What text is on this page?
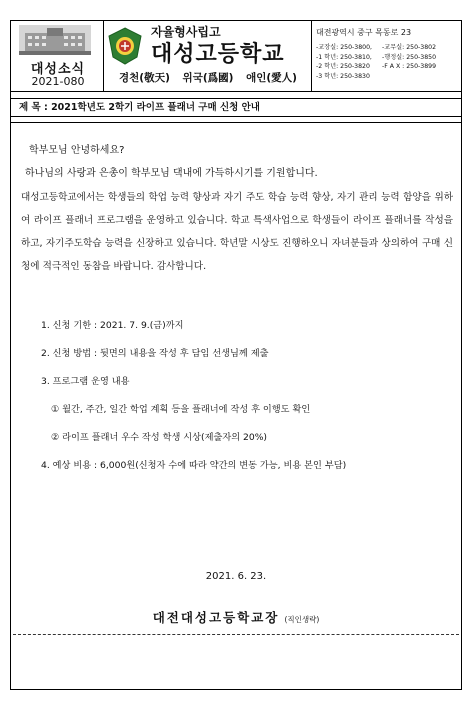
대성소식
2021-080
자율형사립고
대성고등학교
경천(敬天) 위국(爲國) 애인(愛人)
대전광역시 중구 목동로 23
-교장실: 250-3800, -교무실: 250-3802
-1 학년: 250-3810, -행정실: 250-3850
-2 학년: 250-3820 -F A X : 250-3899
-3 학년: 250-3830
제 목 : 2021학년도 2학기 라이프 플래너 구매 신청 안내
학부모님 안녕하세요?
하나님의 사랑과 은총이 학부모님 댁내에 가득하시기를 기원합니다.
대성고등학교에서는 학생들의 학업 능력 향상과 자기 주도 학습 능력 향상, 자기 관리 능력 함양을 위하여 라이프 플래너 프로그램을 운영하고 있습니다. 학교 특색사업으로 학생들이 라이프 플래너를 작성을 하고, 자기주도학습 능력을 신장하고 있습니다. 학년말 시상도 진행하오니 자녀분들과 상의하여 구매 신청에 적극적인 동참을 바랍니다. 감사합니다.
1. 신청 기한 : 2021. 7. 9.(금)까지
2. 신청 방법 : 뒷면의 내용을 작성 후 담임 선생님께 제출
3. 프로그램 운영 내용
① 월간, 주간, 일간 학업 계획 등을 플래너에 작성 후 이행도 확인
② 라이프 플래너 우수 작성 학생 시상(제출자의 20%)
4. 예상 비용 : 6,000원(신청자 수에 따라 약간의 변동 가능, 비용 본인 부담)
2021. 6. 23.
대전대성고등학교장 (직인생략)
